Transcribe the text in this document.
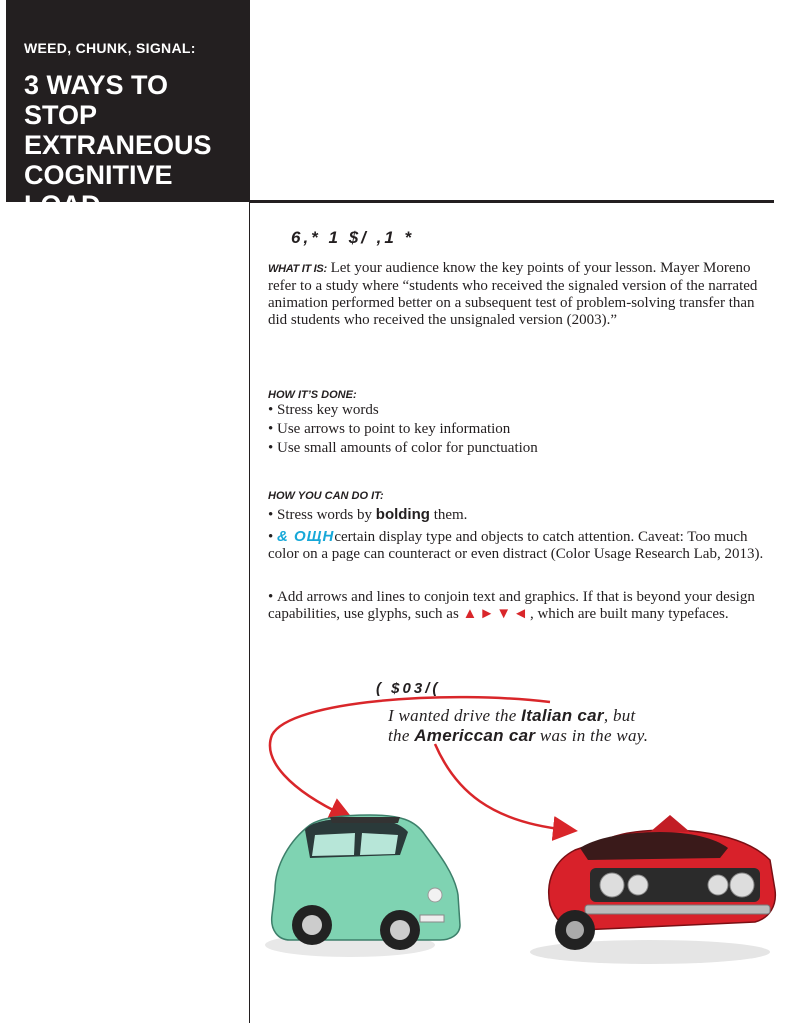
WEED, CHUNK, SIGNAL:
3 WAYS TO STOP EXTRANEOUS COGNITIVE LOAD
6,* 1 $/ ,1 *

WHAT IT IS: Let your audience know the key points of your lesson. Mayer Moreno refer to a study where “students who received the signaled version of the narrated animation performed better on a subsequent test of problem-solving transfer than did students who received the unsignaled version (2003).”

HOW IT’S DONE:
• Stress key words
• Use arrows to point to key information
• Use small amounts of color for punctuation
HOW YOU CAN DO IT:

• Stress words by bolding them.

• & OЩHcertain display type and objects to catch attention. Caveat: Too much color on a page can counteract or even distract (Color Usage Research Lab, 2013).

• Add arrows and lines to conjoin text and graphics. If that is beyond your design capabilities, use glyphs, such as ▲►▼◄, which are built many typefaces.

( $03/(

I wanted drive the Italian car, but
the Americcan car was in the way.
